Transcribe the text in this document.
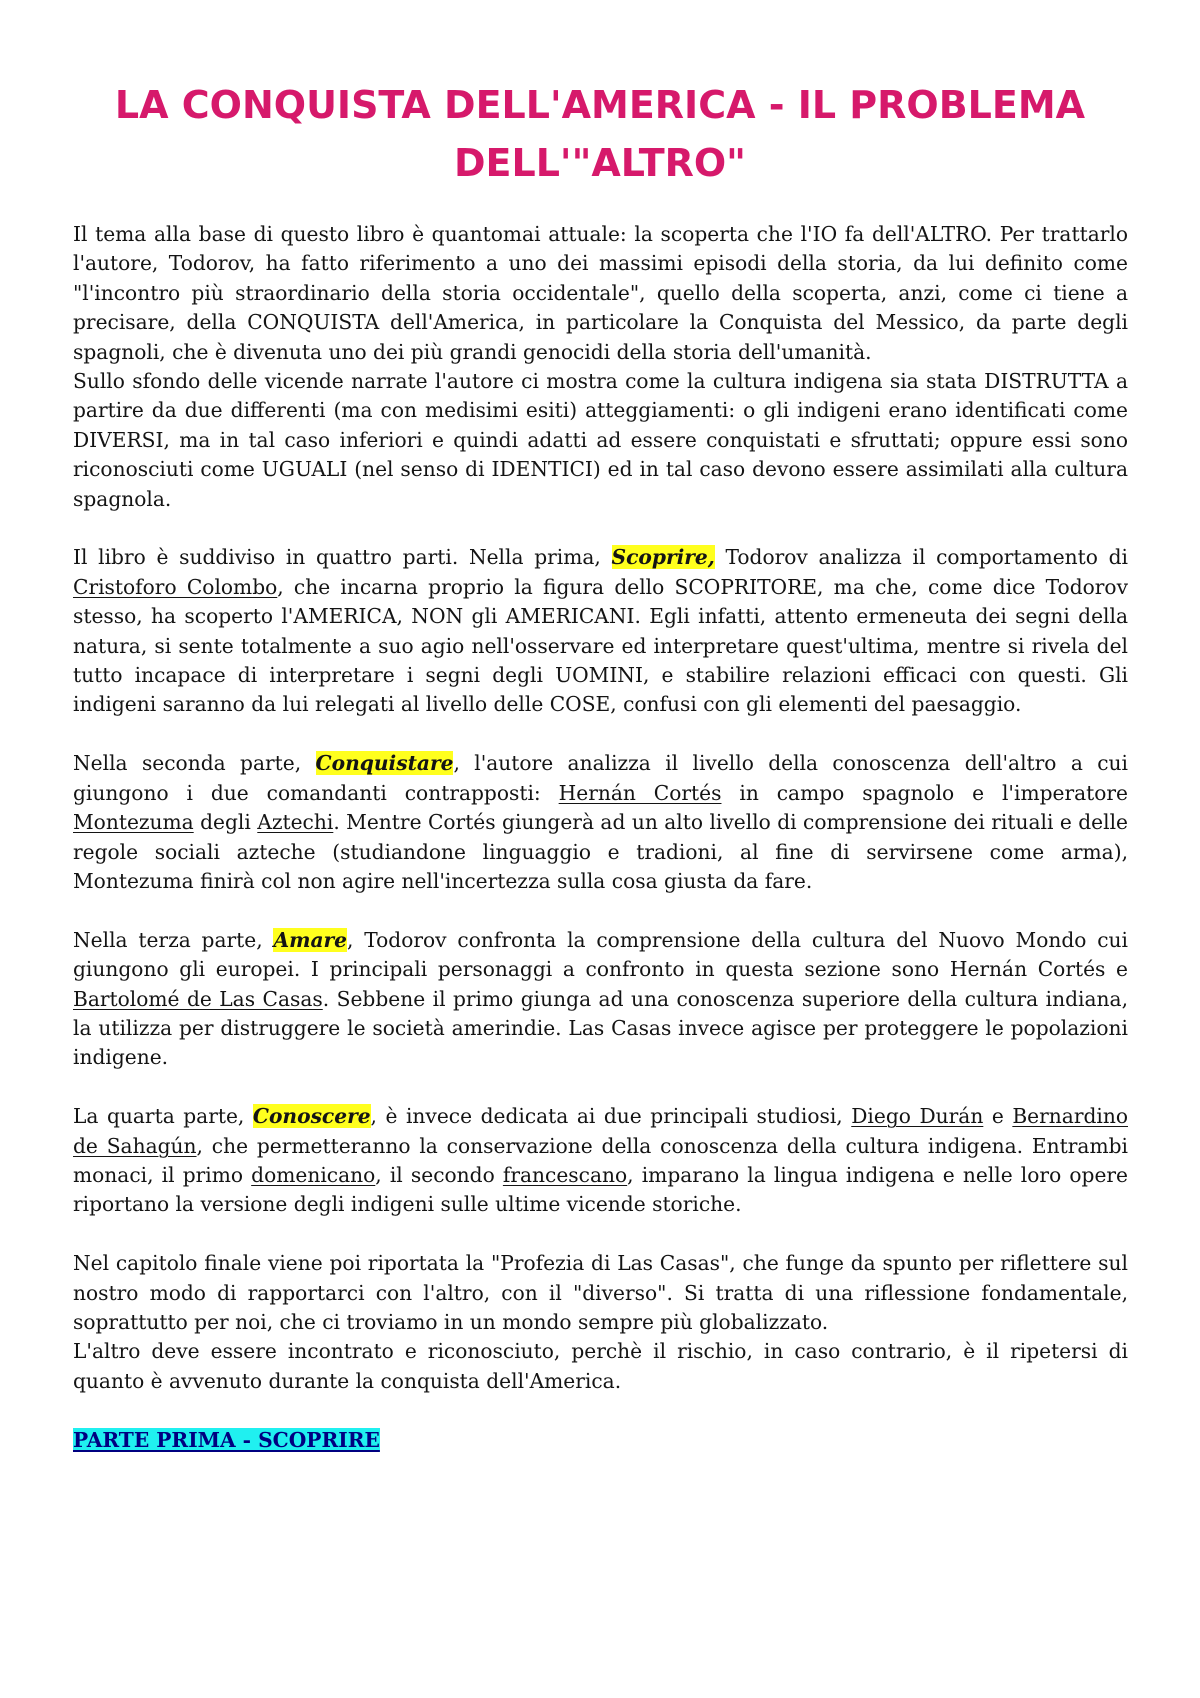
LA CONQUISTA DELL'AMERICA - IL PROBLEMA DELL'"ALTRO"

Il tema alla base di questo libro è quantomai attuale: la scoperta che l'IO fa dell'ALTRO. Per trattarlo l'autore, Todorov, ha fatto riferimento a uno dei massimi episodi della storia, da lui definito come "l'incontro più straordinario della storia occidentale", quello della scoperta, anzi, come ci tiene a precisare, della CONQUISTA dell'America, in particolare la Conquista del Messico, da parte degli spagnoli, che è divenuta uno dei più grandi genocidi della storia dell'umanità.

Sullo sfondo delle vicende narrate l'autore ci mostra come la cultura indigena sia stata DISTRUTTA a partire da due differenti (ma con medisimi esiti) atteggiamenti: o gli indigeni erano identificati come DIVERSI, ma in tal caso inferiori e quindi adatti ad essere conquistati e sfruttati; oppure essi sono riconosciuti come UGUALI (nel senso di IDENTICI) ed in tal caso devono essere assimilati alla cultura spagnola.

Il libro è suddiviso in quattro parti. Nella prima, Scoprire, Todorov analizza il comportamento di Cristoforo Colombo, che incarna proprio la figura dello SCOPRITORE, ma che, come dice Todorov stesso, ha scoperto l'AMERICA, NON gli AMERICANI. Egli infatti, attento ermeneuta dei segni della natura, si sente totalmente a suo agio nell'osservare ed interpretare quest'ultima, mentre si rivela del tutto incapace di interpretare i segni degli UOMINI, e stabilire relazioni efficaci con questi. Gli indigeni saranno da lui relegati al livello delle COSE, confusi con gli elementi del paesaggio.

Nella seconda parte, Conquistare, l'autore analizza il livello della conoscenza dell'altro a cui giungono i due comandanti contrapposti: Hernán Cortés in campo spagnolo e l'imperatore Montezuma degli Aztechi. Mentre Cortés giungerà ad un alto livello di comprensione dei rituali e delle regole sociali azteche (studiandone linguaggio e tradioni, al fine di servirsene come arma), Montezuma finirà col non agire nell'incertezza sulla cosa giusta da fare.

Nella terza parte, Amare, Todorov confronta la comprensione della cultura del Nuovo Mondo cui giungono gli europei. I principali personaggi a confronto in questa sezione sono Hernán Cortés e Bartolomé de Las Casas. Sebbene il primo giunga ad una conoscenza superiore della cultura indiana, la utilizza per distruggere le società amerindie. Las Casas invece agisce per proteggere le popolazioni indigene.

La quarta parte, Conoscere, è invece dedicata ai due principali studiosi, Diego Durán e Bernardino de Sahagún, che permetteranno la conservazione della conoscenza della cultura indigena. Entrambi monaci, il primo domenicano, il secondo francescano, imparano la lingua indigena e nelle loro opere riportano la versione degli indigeni sulle ultime vicende storiche.

Nel capitolo finale viene poi riportata la "Profezia di Las Casas", che funge da spunto per riflettere sul nostro modo di rapportarci con l'altro, con il "diverso". Si tratta di una riflessione fondamentale, soprattutto per noi, che ci troviamo in un mondo sempre più globalizzato.

L'altro deve essere incontrato e riconosciuto, perchè il rischio, in caso contrario, è il ripetersi di quanto è avvenuto durante la conquista dell'America.

PARTE PRIMA - SCOPRIRE
